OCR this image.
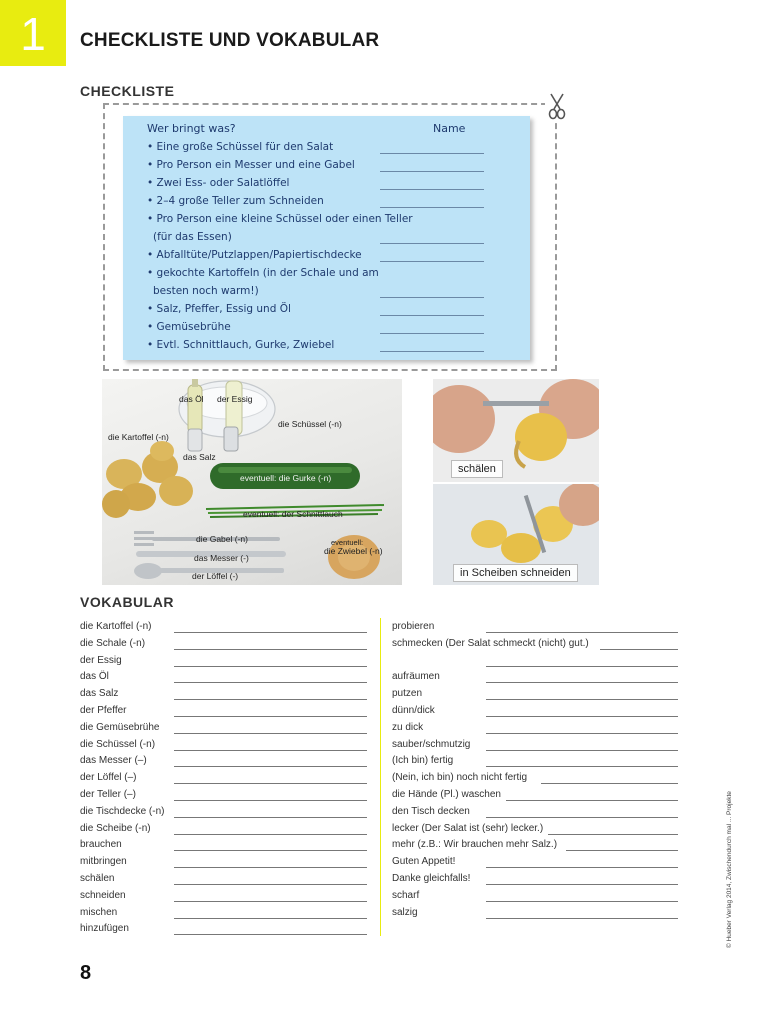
1	CHECKLISTE UND VOKABULAR
CHECKLISTE
Wer bringt was?	Name
• Eine große Schüssel für den Salat
• Pro Person ein Messer und eine Gabel
• Zwei Ess- oder Salatlöffel
• 2–4 große Teller zum Schneiden
• Pro Person eine kleine Schüssel oder einen Teller
(für das Essen)
• Abfalltüte/Putzlappen/Papiertischdecke
• gekochte Kartoffeln (in der Schale und am
besten noch warm!)
• Salz, Pfeffer, Essig und Öl
• Gemüsebrühe
• Evtl. Schnittlauch, Gurke, Zwiebel
das Öl der Essig
die Schüssel (-n)
die Kartoffel (-n)
das Salz
eventuell: die Gurke (-n)
eventuell: der Schnittlauch
die Gabel (-n)
das Messer (-)
der Löffel (-)
eventuell:
die Zwiebel (-n)
schälen
in Scheiben schneiden
VOKABULAR
die Kartoffel (-n)
die Schale (-n)
der Essig
das Öl
das Salz
der Pfeffer
die Gemüsebrühe
die Schüssel (-n)
das Messer (–)
der Löffel (–)
der Teller (–)
die Tischdecke (-n)
die Scheibe (-n)
brauchen
mitbringen
schälen
schneiden
mischen
hinzufügen
probieren
schmecken (Der Salat schmeckt (nicht) gut.)
aufräumen
putzen
dünn/dick
zu dick
sauber/schmutzig
(Ich bin) fertig
(Nein, ich bin) noch nicht fertig
die Hände (Pl.) waschen
den Tisch decken
lecker (Der Salat ist (sehr) lecker.)
mehr (z.B.: Wir brauchen mehr Salz.)
Guten Appetit!
Danke gleichfalls!
scharf
salzig
8
© Hueber Verlag 2014, Zwischendurch mal ... Projekte
